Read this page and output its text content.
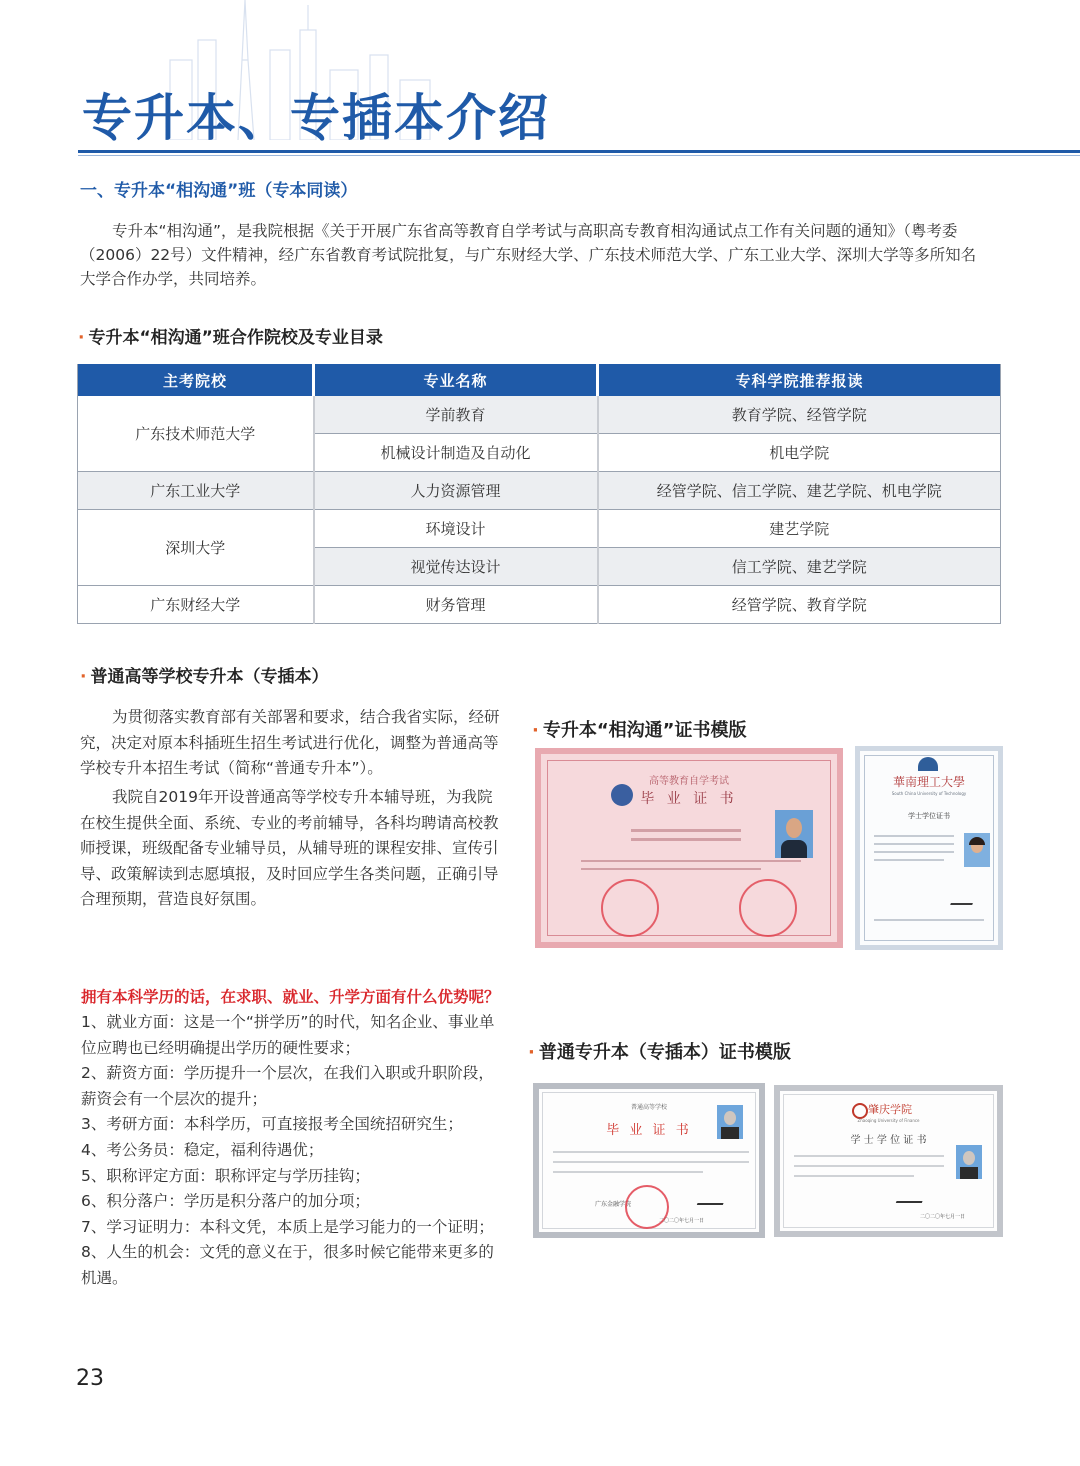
专升本、专插本介绍
一、专升本“相沟通”班（专本同读）
专升本“相沟通”，是我院根据《关于开展广东省高等教育自学考试与高职高专教育相沟通试点工作有关问题的通知》（粤考委（2006）22号）文件精神，经广东省教育考试院批复，与广东财经大学、广东技术师范大学、广东工业大学、深圳大学等多所知名大学合作办学，共同培养。
· 专升本“相沟通”班合作院校及专业目录
主考院校	专业名称	专科学院推荐报读
广东技术师范大学	学前教育	教育学院、经管学院
	机械设计制造及自动化	机电学院
广东工业大学	人力资源管理	经管学院、信工学院、建艺学院、机电学院
深圳大学	环境设计	建艺学院
	视觉传达设计	信工学院、建艺学院
广东财经大学	财务管理	经管学院、教育学院
· 普通高等学校专升本（专插本）
为贯彻落实教育部有关部署和要求，结合我省实际，经研究，决定对原本科插班生招生考试进行优化，调整为普通高等学校专升本招生考试（简称“普通专升本”）。
我院自2019年开设普通高等学校专升本辅导班，为我院在校生提供全面、系统、专业的考前辅导，各科均聘请高校教师授课，班级配备专业辅导员，从辅导班的课程安排、宣传引导、政策解读到志愿填报，及时回应学生各类问题，正确引导合理预期，营造良好氛围。
· 专升本“相沟通”证书模版
高等教育自学考试
毕 业 证 书
華南理工大學
South China University of Technology
学士学位证书
拥有本科学历的话，在求职、就业、升学方面有什么优势呢？
1、就业方面：这是一个“拼学历”的时代，知名企业、事业单位应聘也已经明确提出学历的硬性要求；
2、薪资方面：学历提升一个层次，在我们入职或升职阶段，薪资会有一个层次的提升；
3、考研方面：本科学历，可直接报考全国统招研究生；
4、考公务员：稳定，福利待遇优；
5、职称评定方面：职称评定与学历挂钩；
6、积分落户：学历是积分落户的加分项；
7、学习证明力：本科文凭，本质上是学习能力的一个证明；
8、人生的机会：文凭的意义在于，很多时候它能带来更多的机遇。
· 普通专升本（专插本）证书模版
普通高等学校
毕 业 证 书
广东金融学院
二〇二〇年七月一日
肇庆学院
Zhaoqing University of Finance
学 士 学 位 证 书
二〇二〇年七月一日
23
